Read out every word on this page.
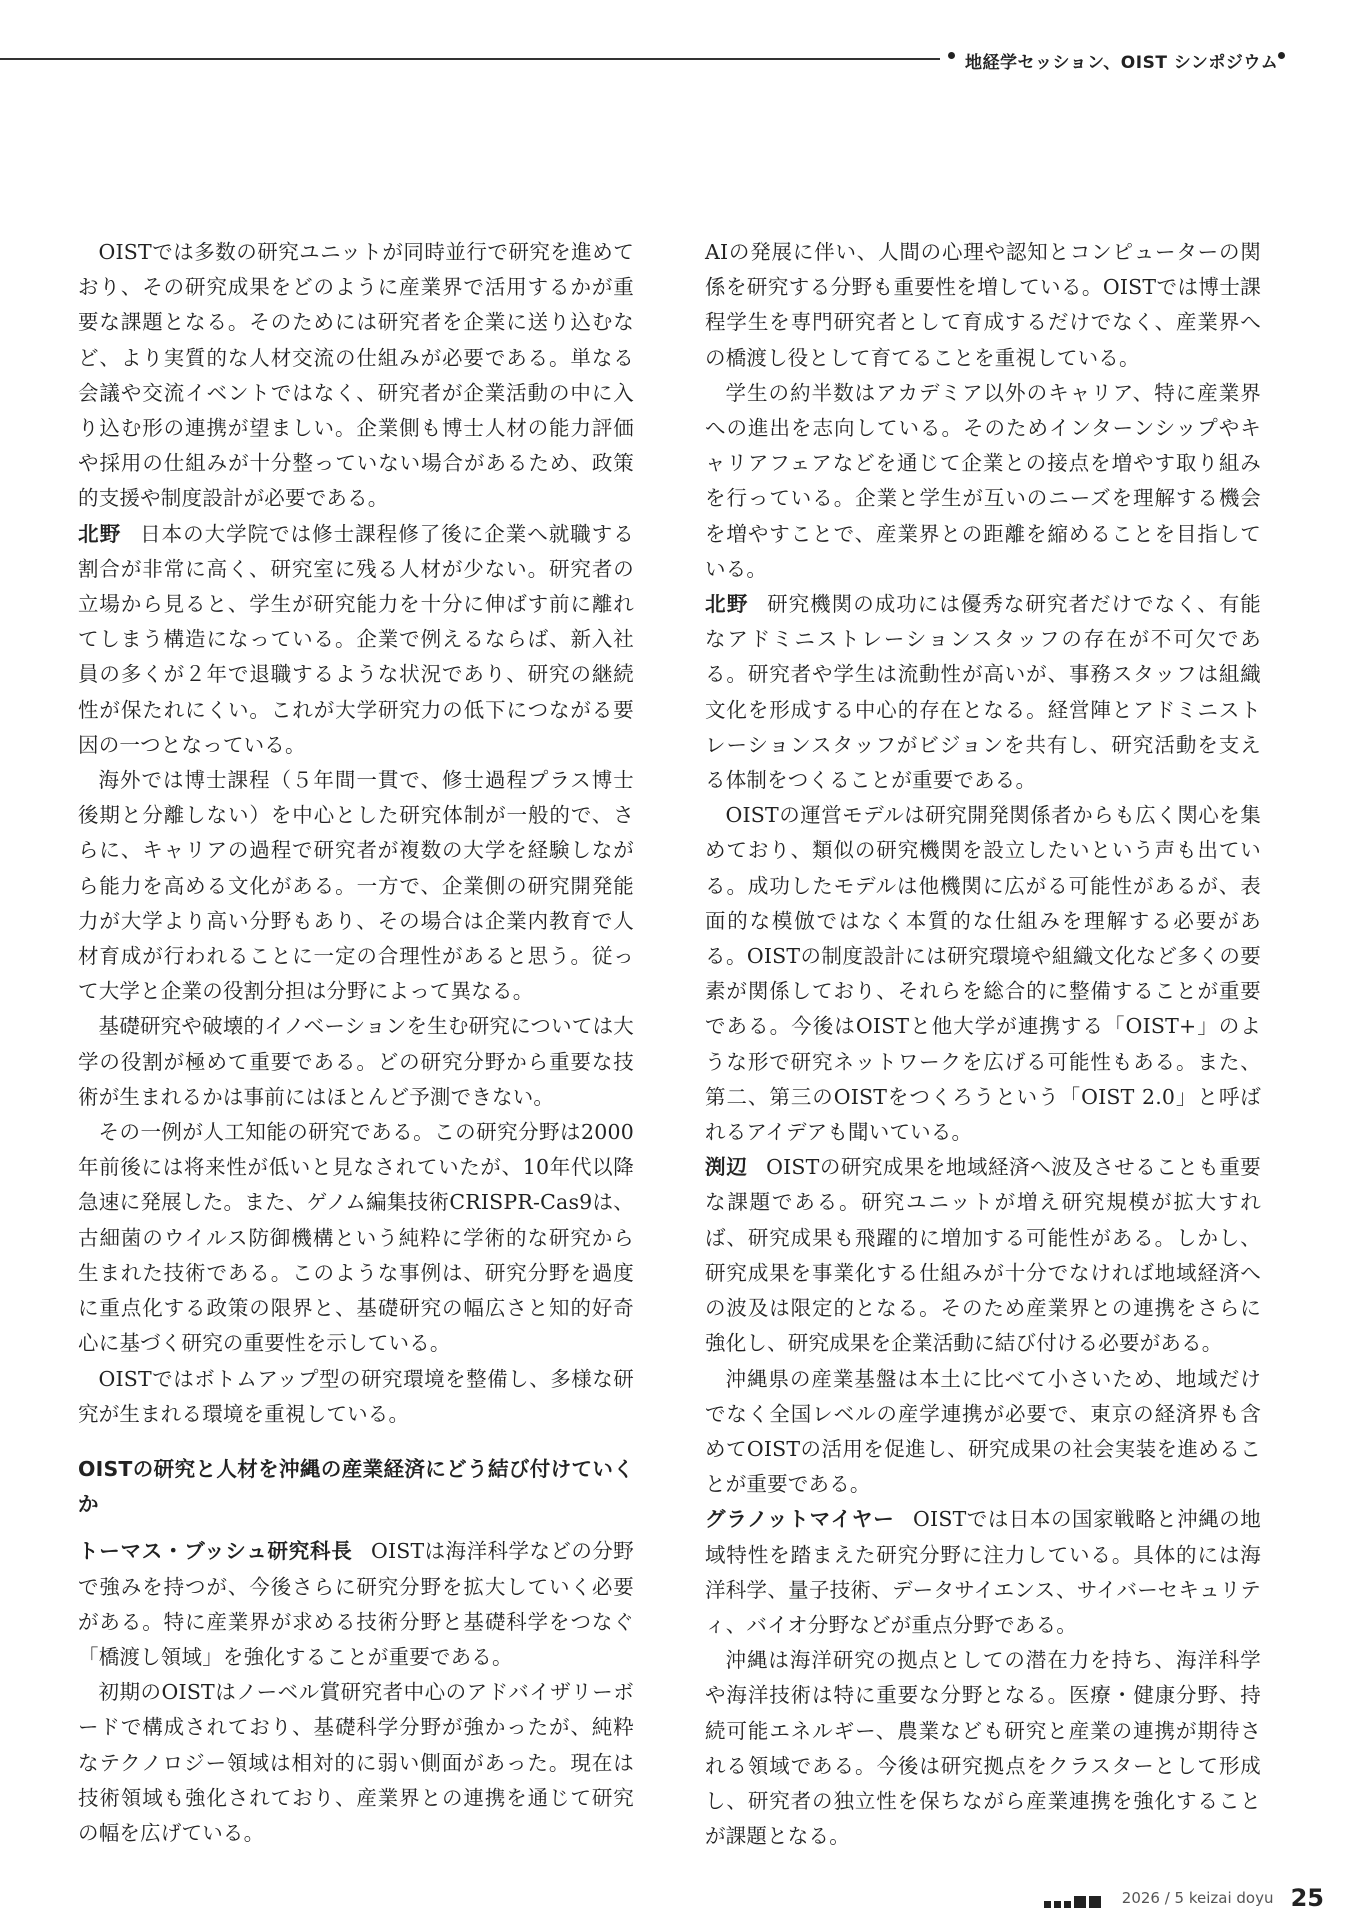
地経学セッション、OIST シンポジウム

OISTでは多数の研究ユニットが同時並行で研究を進めており、その研究成果をどのように産業界で活用するかが重要な課題となる。そのためには研究者を企業に送り込むなど、より実質的な人材交流の仕組みが必要である。単なる会議や交流イベントではなく、研究者が企業活動の中に入り込む形の連携が望ましい。企業側も博士人材の能力評価や採用の仕組みが十分整っていない場合があるため、政策的支援や制度設計が必要である。

北野 日本の大学院では修士課程修了後に企業へ就職する割合が非常に高く、研究室に残る人材が少ない。研究者の立場から見ると、学生が研究能力を十分に伸ばす前に離れてしまう構造になっている。企業で例えるならば、新入社員の多くが２年で退職するような状況であり、研究の継続性が保たれにくい。これが大学研究力の低下につながる要因の一つとなっている。

海外では博士課程（５年間一貫で、修士過程プラス博士後期と分離しない）を中心とした研究体制が一般的で、さらに、キャリアの過程で研究者が複数の大学を経験しながら能力を高める文化がある。一方で、企業側の研究開発能力が大学より高い分野もあり、その場合は企業内教育で人材育成が行われることに一定の合理性があると思う。従って大学と企業の役割分担は分野によって異なる。

基礎研究や破壊的イノベーションを生む研究については大学の役割が極めて重要である。どの研究分野から重要な技術が生まれるかは事前にはほとんど予測できない。

その一例が人工知能の研究である。この研究分野は2000年前後には将来性が低いと見なされていたが、10年代以降急速に発展した。また、ゲノム編集技術CRISPR-Cas9は、古細菌のウイルス防御機構という純粋に学術的な研究から生まれた技術である。このような事例は、研究分野を過度に重点化する政策の限界と、基礎研究の幅広さと知的好奇心に基づく研究の重要性を示している。

OISTではボトムアップ型の研究環境を整備し、多様な研究が生まれる環境を重視している。

OISTの研究と人材を沖縄の産業経済にどう結び付けていくか

トーマス・ブッシュ研究科長 OISTは海洋科学などの分野で強みを持つが、今後さらに研究分野を拡大していく必要がある。特に産業界が求める技術分野と基礎科学をつなぐ「橋渡し領域」を強化することが重要である。

初期のOISTはノーベル賞研究者中心のアドバイザリーボードで構成されており、基礎科学分野が強かったが、純粋なテクノロジー領域は相対的に弱い側面があった。現在は技術領域も強化されており、産業界との連携を通じて研究の幅を広げている。

AIの発展に伴い、人間の心理や認知とコンピューターの関係を研究する分野も重要性を増している。OISTでは博士課程学生を専門研究者として育成するだけでなく、産業界への橋渡し役として育てることを重視している。

学生の約半数はアカデミア以外のキャリア、特に産業界への進出を志向している。そのためインターンシップやキャリアフェアなどを通じて企業との接点を増やす取り組みを行っている。企業と学生が互いのニーズを理解する機会を増やすことで、産業界との距離を縮めることを目指している。

北野 研究機関の成功には優秀な研究者だけでなく、有能なアドミニストレーションスタッフの存在が不可欠である。研究者や学生は流動性が高いが、事務スタッフは組織文化を形成する中心的存在となる。経営陣とアドミニストレーションスタッフがビジョンを共有し、研究活動を支える体制をつくることが重要である。

OISTの運営モデルは研究開発関係者からも広く関心を集めており、類似の研究機関を設立したいという声も出ている。成功したモデルは他機関に広がる可能性があるが、表面的な模倣ではなく本質的な仕組みを理解する必要がある。OISTの制度設計には研究環境や組織文化など多くの要素が関係しており、それらを総合的に整備することが重要である。今後はOISTと他大学が連携する「OIST+」のような形で研究ネットワークを広げる可能性もある。また、第二、第三のOISTをつくろうという「OIST 2.0」と呼ばれるアイデアも聞いている。

渕辺 OISTの研究成果を地域経済へ波及させることも重要な課題である。研究ユニットが増え研究規模が拡大すれば、研究成果も飛躍的に増加する可能性がある。しかし、研究成果を事業化する仕組みが十分でなければ地域経済への波及は限定的となる。そのため産業界との連携をさらに強化し、研究成果を企業活動に結び付ける必要がある。

沖縄県の産業基盤は本土に比べて小さいため、地域だけでなく全国レベルの産学連携が必要で、東京の経済界も含めてOISTの活用を促進し、研究成果の社会実装を進めることが重要である。

グラノットマイヤー OISTでは日本の国家戦略と沖縄の地域特性を踏まえた研究分野に注力している。具体的には海洋科学、量子技術、データサイエンス、サイバーセキュリティ、バイオ分野などが重点分野である。

沖縄は海洋研究の拠点としての潜在力を持ち、海洋科学や海洋技術は特に重要な分野となる。医療・健康分野、持続可能エネルギー、農業なども研究と産業の連携が期待される領域である。今後は研究拠点をクラスターとして形成し、研究者の独立性を保ちながら産業連携を強化することが課題となる。

2026 / 5 keizai doyu 25
